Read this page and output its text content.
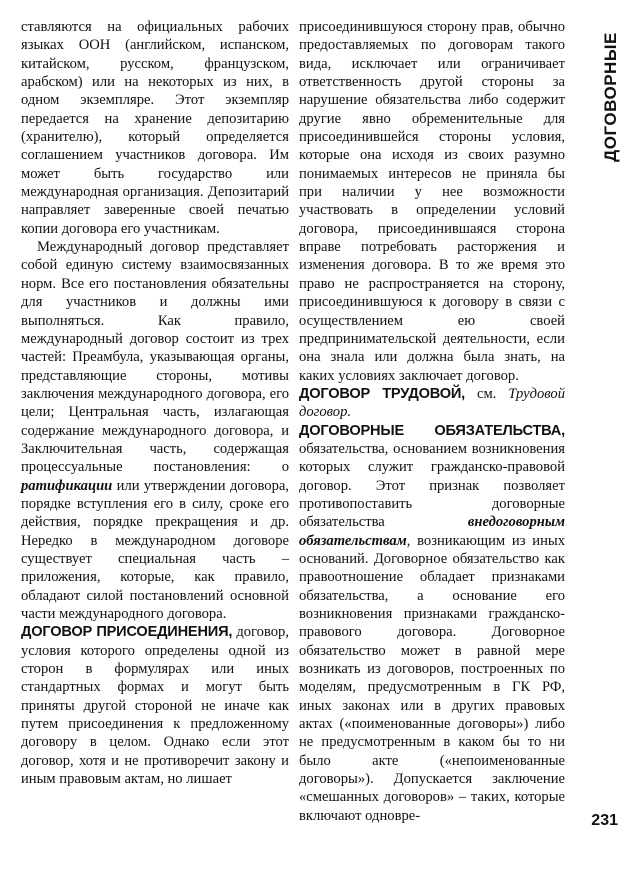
ставляются на официальных рабочих языках ООН (английском, испанском, китайском, русском, французском, арабском) или на некоторых из них, в одном экземпляре. Этот экземпляр передается на хранение депозитарию (хранителю), который определяется соглашением участников договора. Им может быть государство или международная организация. Депозитарий направляет заверенные своей печатью копии договора его участникам.

Международный договор представляет собой единую систему взаимосвязанных норм. Все его постановления обязательны для участников и должны ими выполняться. Как правило, международный договор состоит из трех частей: Преамбула, указывающая органы, представляющие стороны, мотивы заключения международного договора, его цели; Центральная часть, излагающая содержание международного договора, и Заключительная часть, содержащая процессуальные постановления: о ратификации или утверждении договора, порядке вступления его в силу, сроке его действия, порядке прекращения и др. Нередко в международном договоре существует специальная часть – приложения, которые, как правило, обладают силой постановлений основной части международного договора.

ДОГОВОР ПРИСОЕДИНЕНИЯ, договор, условия которого определены одной из сторон в формулярах или иных стандартных формах и могут быть приняты другой стороной не иначе как путем присоединения к предложенному договору в целом. Однако если этот договор, хотя и не противоречит закону и иным правовым актам, но лишает

присоединившуюся сторону прав, обычно предоставляемых по договорам такого вида, исключает или ограничивает ответственность другой стороны за нарушение обязательства либо содержит другие явно обременительные для присоединившейся стороны условия, которые она исходя из своих разумно понимаемых интересов не приняла бы при наличии у нее возможности участвовать в определении условий договора, присоединившаяся сторона вправе потребовать расторжения и изменения договора. В то же время это право не распространяется на сторону, присоединившуюся к договору в связи с осуществлением ею своей предпринимательской деятельности, если она знала или должна была знать, на каких условиях заключает договор.

ДОГОВОР ТРУДОВОЙ, см. Трудовой договор.

ДОГОВОРНЫЕ ОБЯЗАТЕЛЬСТВА, обязательства, основанием возникновения которых служит гражданско-правовой договор. Этот признак позволяет противопоставить договорные обязательства внедоговорным обязательствам, возникающим из иных оснований. Договорное обязательство как правоотношение обладает признаками обязательства, а основание его возникновения признаками гражданско-правового договора. Договорное обязательство может в равной мере возникать из договоров, построенных по моделям, предусмотренным в ГК РФ, иных законах или в других правовых актах («поименованные договоры») либо не предусмотренным в каком бы то ни было акте («непоименованные договоры»). Допускается заключение «смешанных договоров» – таких, которые включают одновре-

ДОГОВОРНЫЕ
231
